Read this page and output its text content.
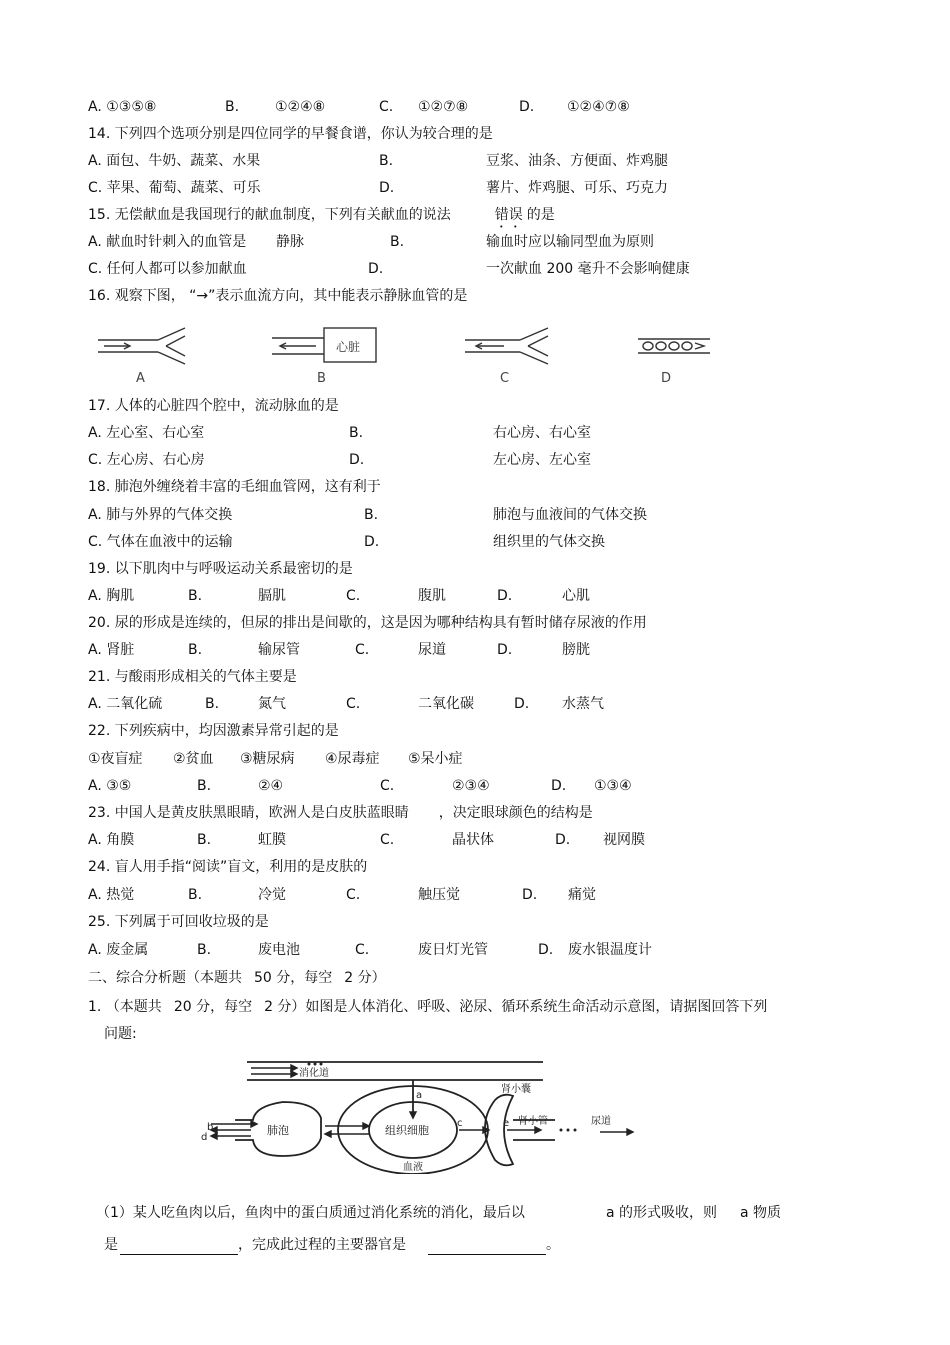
A. ①③⑤⑧	B.	①②④⑧	C. ①②⑦⑧	D. ①②④⑦⑧
14. 下列四个选项分别是四位同学的早餐食谱，你认为较合理的是
A. 面包、牛奶、蔬菜、水果	B.	豆浆、油条、方便面、炸鸡腿
C. 苹果、葡萄、蔬菜、可乐	D.	薯片、炸鸡腿、可乐、巧克力
15. 无偿献血是我国现行的献血制度，下列有关献血的说法	错误 的是
A. 献血时针刺入的血管是 静脉	B.	输血时应以输同型血为原则
C. 任何人都可以参加献血	D.	一次献血 200 毫升不会影响健康
16. 观察下图， “→”表示血流方向，其中能表示静脉血管的是
A
心脏
B	C	D
17. 人体的心脏四个腔中，流动脉血的是
A. 左心室、右心室	B.	右心房、右心室
C. 左心房、右心房	D.	左心房、左心室
18. 肺泡外缠绕着丰富的毛细血管网，这有利于
A. 肺与外界的气体交换	B.	肺泡与血液间的气体交换
C. 气体在血液中的运输	D.	组织里的气体交换
19. 以下肌肉中与呼吸运动关系最密切的是
A. 胸肌	B.	膈肌	C.	腹肌	D.	心肌
20. 尿的形成是连续的，但尿的排出是间歇的，这是因为哪种结构具有暂时储存尿液的作用
A. 肾脏	B.	输尿管	C.	尿道	D.	膀胱
21. 与酸雨形成相关的气体主要是
A. 二氧化硫	B.	氮气	C.	二氧化碳	D. 水蒸气
22. 下列疾病中，均因激素异常引起的是
①夜盲症 ②贫血 ③糖尿病 ④尿毒症 ⑤呆小症
A. ③⑤	B.	②④	C.	②③④	D. ①③④
23. 中国人是黄皮肤黑眼睛，欧洲人是白皮肤蓝眼睛 ，决定眼球颜色的结构是
A. 角膜	B.	虹膜	C.	晶状体	D. 视网膜
24. 盲人用手指“阅读”盲文，利用的是皮肤的
A. 热觉	B.	冷觉	C.	触压觉	D. 痛觉
25. 下列属于可回收垃圾的是
A. 废金属	B.	废电池	C.	废日灯光管	D. 废水银温度计
二、综合分析题（本题共 50 分，每空 2 分）
1. （本题共 20 分，每空 2 分）如图是人体消化、呼吸、泌尿、循环系统生命活动示意图，请据图回答下列
问题:
消化道
肺泡	组织细胞
血液
肾小囊
肾小管	尿道
a
b	c
d
e
（1）某人吃鱼肉以后，鱼肉中的蛋白质通过消化系统的消化，最后以	a 的形式吸收，则 a 物质
是	，完成此过程的主要器官是	。
